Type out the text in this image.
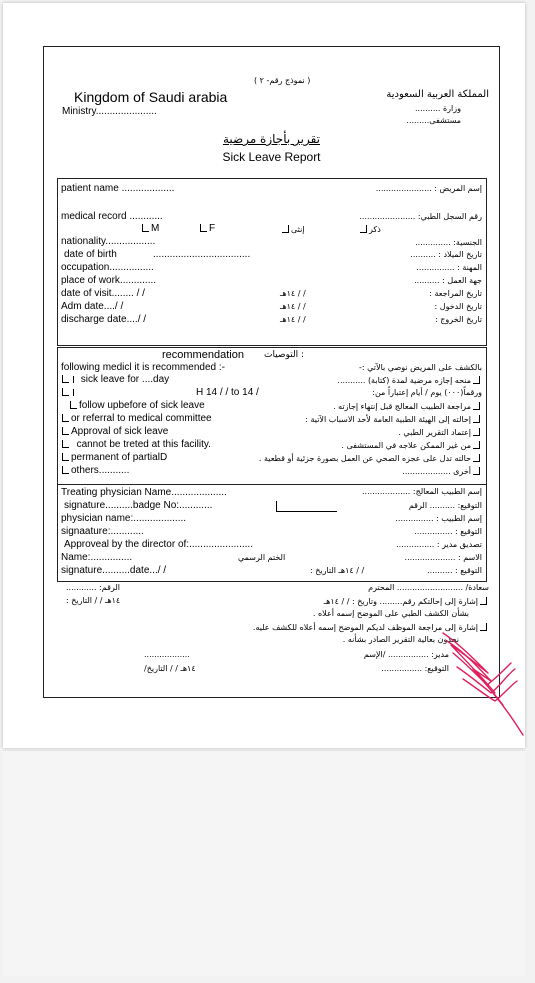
( نموذج رقم- ٢ )
Kingdom of Saudi arabia	المملكة العربية السعودية
Ministry......................	وزارة ..........
مستشفى.........
تقرير بأجازة مرضية
Sick Leave Report
patient name ...................	إسم المريض : ......................
medical record ............	رقم السجل الطبي: ......................
M	F	إنثى	ذكر
nationality..................	الجنسية: ..............
date of birth	...................................	تاريخ الميلاد : ..........
occupation................	المهنة : ...............
place of work.............	جهة العمل : ..........
date of visit........ / /	/ / ١٤هـ	تاريخ المراجعة :
Adm date..../ /	/ / ١٤هـ	تاريخ الدخول :
discharge date..../ /	/ / ١٤هـ	تاريخ الخروج :
recommendation : التوصيات
following medicl it is recommended :-	بالكشف على المريض نوصي بالآتي :-
sick leave for ....day	منحه إجازه مرضية لمدة (كتابة) ...........
H 14 / / to 14 /	ورقماً(٠٠٠) يوم / أيام إعتباراً من:
follow upbefore of sick leave	مراجعة الطبيب المعالج قبل إنتهاء إجازته .
or referral to medical committee	إحالته إلى الهيئة الطبية العامة لأحد الاسباب الآتية :
Approval of sick leave	إعتماد التقرير الطبي .
cannot be treted at this facility.	من غير الممكن علاجه في المستشفى .
permanent of partialD	حالته تدل على عجزه الصحي عن العمل بصورة جزئية أو قطعية .
others...........	أخرى ...................
Treating physician Name....................	إسم الطبيب المعالج: ...................
signature..........badge No:............	التوقيع: .......... الرقم
physician name:...................	إسم الطبيب : ...............
signaature:............	التوقيع : ...............
Approveal by the director of:.......................	تصديق مدير : ...............
Name:...............	الختم الرسمي	الاسم : ....................
signature..........date.../ /	/ / ١٤هـ التاريخ :	التوقيع : ..........
الرقم: ............	سعادة/ .......................... المحترم
١٤هـ / / التاريخ :	إشارة إلى إحالتكم رقم......... وتاريخ : / / ١٤هـ
بشأن الكشف الطبي على الموضح إسمه أعلاه .
إشارة إلى مراجعة الموظف لديكم الموضح إسمه أعلاه للكشف عليه.
نحدون بعالية التقرير الصادر بشأنه .
..................	مدير: ................ /الإسم
١٤هـ / / التاريخ/	التوقيع: ................
